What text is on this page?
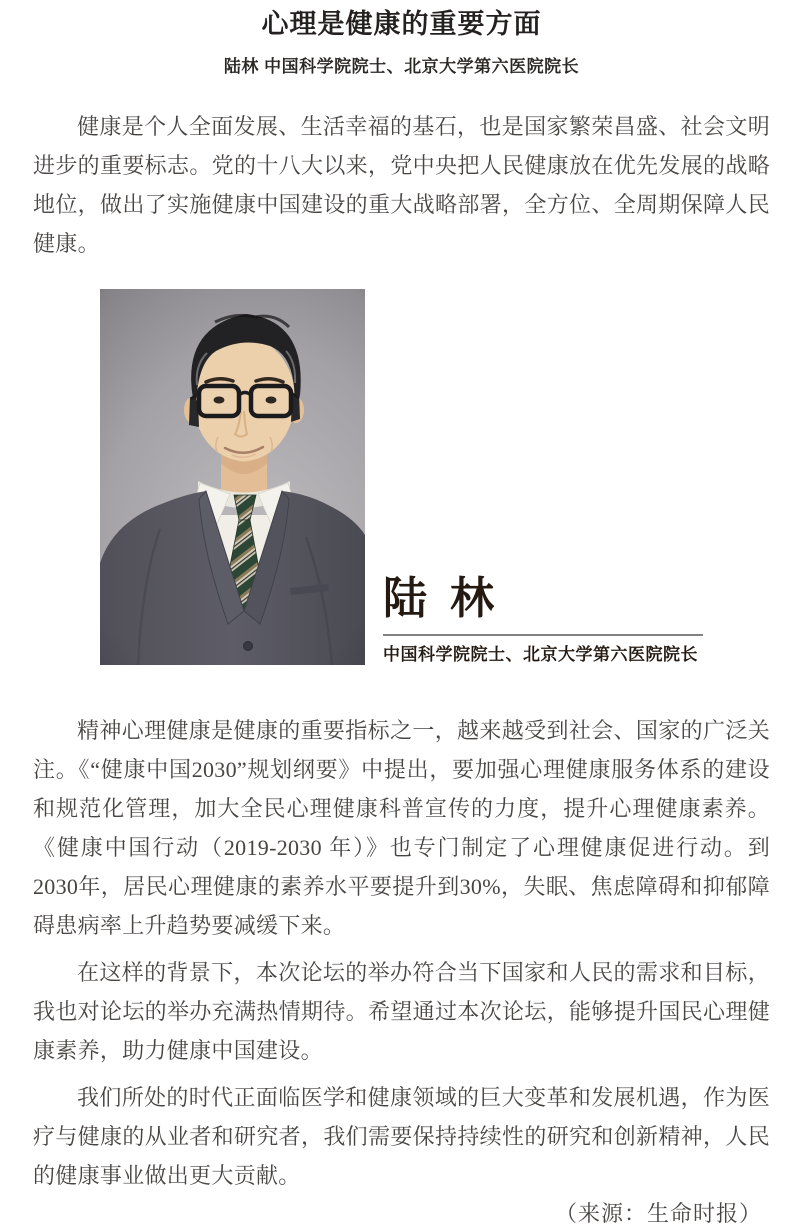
心理是健康的重要方面
陆林 中国科学院院士、北京大学第六医院院长

健康是个人全面发展、生活幸福的基石，也是国家繁荣昌盛、社会文明进步的重要标志。党的十八大以来，党中央把人民健康放在优先发展的战略地位，做出了实施健康中国建设的重大战略部署，全方位、全周期保障人民健康。

陆 林
中国科学院院士、北京大学第六医院院长

精神心理健康是健康的重要指标之一，越来越受到社会、国家的广泛关注。《“健康中国2030”规划纲要》中提出，要加强心理健康服务体系的建设和规范化管理，加大全民心理健康科普宣传的力度，提升心理健康素养。《健康中国行动（2019-2030 年）》也专门制定了心理健康促进行动。到2030年，居民心理健康的素养水平要提升到30%，失眠、焦虑障碍和抑郁障碍患病率上升趋势要减缓下来。

在这样的背景下，本次论坛的举办符合当下国家和人民的需求和目标，我也对论坛的举办充满热情期待。希望通过本次论坛，能够提升国民心理健康素养，助力健康中国建设。

我们所处的时代正面临医学和健康领域的巨大变革和发展机遇，作为医疗与健康的从业者和研究者，我们需要保持持续性的研究和创新精神，人民的健康事业做出更大贡献。

（来源：生命时报）
